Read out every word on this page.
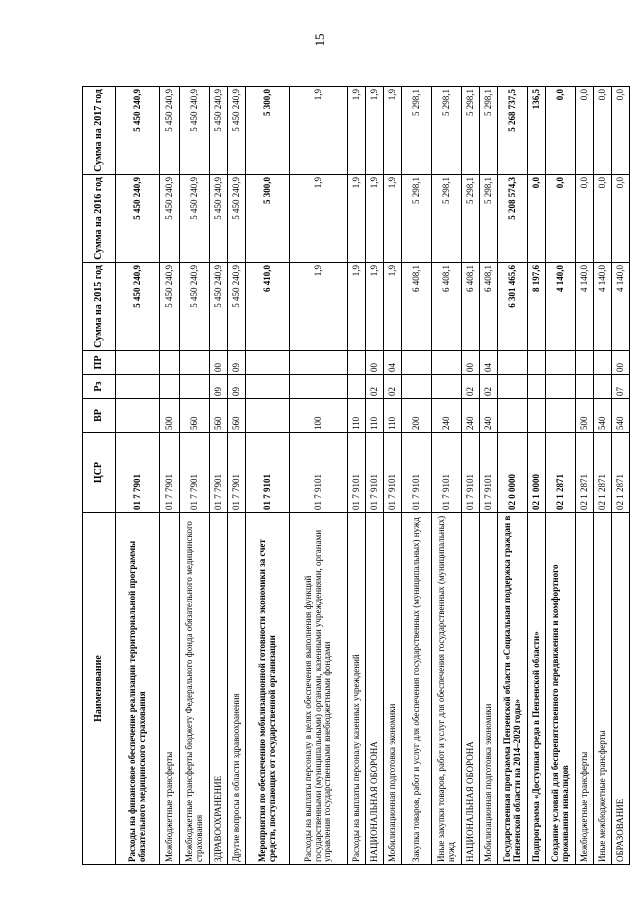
15
Наименование	ЦСР	ВР	Рз	ПР	Сумма на 2015 год	Сумма на 2016 год	Сумма на 2017 год
Расходы на финансовое обеспечение реализации территориальной программы обязательного медицинского страхования	01 7 7901				5 450 240,9	5 450 240,9	5 450 240,9
Межбюджетные трансферты	01 7 7901	500			5 450 240,9	5 450 240,9	5 450 240,9
Межбюджетные трансферты бюджету Федерального фонда обязательного медицинского страхования	01 7 7901	560			5 450 240,9	5 450 240,9	5 450 240,9
ЗДРАВООХРАНЕНИЕ	01 7 7901	560	09	00	5 450 240,9	5 450 240,9	5 450 240,9
Другие вопросы в области здравоохранения	01 7 7901	560	09	09	5 450 240,9	5 450 240,9	5 450 240,9
Мероприятия по обеспечению мобилизационной готовности экономики за счет средств, поступающих от государственной организации	01 7 9101				6 410,0	5 300,0	5 300,0
Расходы на выплаты персоналу в целях обеспечения выполнения функций государственными (муниципальными) органами, казенными учреждениями, органами управления государственными внебюджетными фондами	01 7 9101	100			1,9	1,9	1,9
Расходы на выплаты персоналу казенных учреждений	01 7 9101	110			1,9	1,9	1,9
НАЦИОНАЛЬНАЯ ОБОРОНА	01 7 9101	110	02	00	1,9	1,9	1,9
Мобилизационная подготовка экономики	01 7 9101	110	02	04	1,9	1,9	1,9
Закупка товаров, работ и услуг для обеспечения государственных (муниципальных) нужд	01 7 9101	200			6 408,1	5 298,1	5 298,1
Иные закупки товаров, работ и услуг для обеспечения государственных (муниципальных) нужд	01 7 9101	240			6 408,1	5 298,1	5 298,1
НАЦИОНАЛЬНАЯ ОБОРОНА	01 7 9101	240	02	00	6 408,1	5 298,1	5 298,1
Мобилизационная подготовка экономики	01 7 9101	240	02	04	6 408,1	5 298,1	5 298,1
Государственная программа Пензенской области «Социальная поддержка граждан в Пензенской области на 2014–2020 годы»	02 0 0000				6 301 465,6	5 208 574,3	5 268 737,5
Подпрограмма «Доступная среда в Пензенской области»	02 1 0000				8 197,6	0,0	136,5
Создание условий для беспрепятственного передвижения и комфортного проживания инвалидов	02 1 2871				4 140,0	0,0	0,0
Межбюджетные трансферты	02 1 2871	500			4 140,0	0,0	0,0
Иные межбюджетные трансферты	02 1 2871	540			4 140,0	0,0	0,0
ОБРАЗОВАНИЕ	02 1 2871	540	07	00	4 140,0	0,0	0,0
